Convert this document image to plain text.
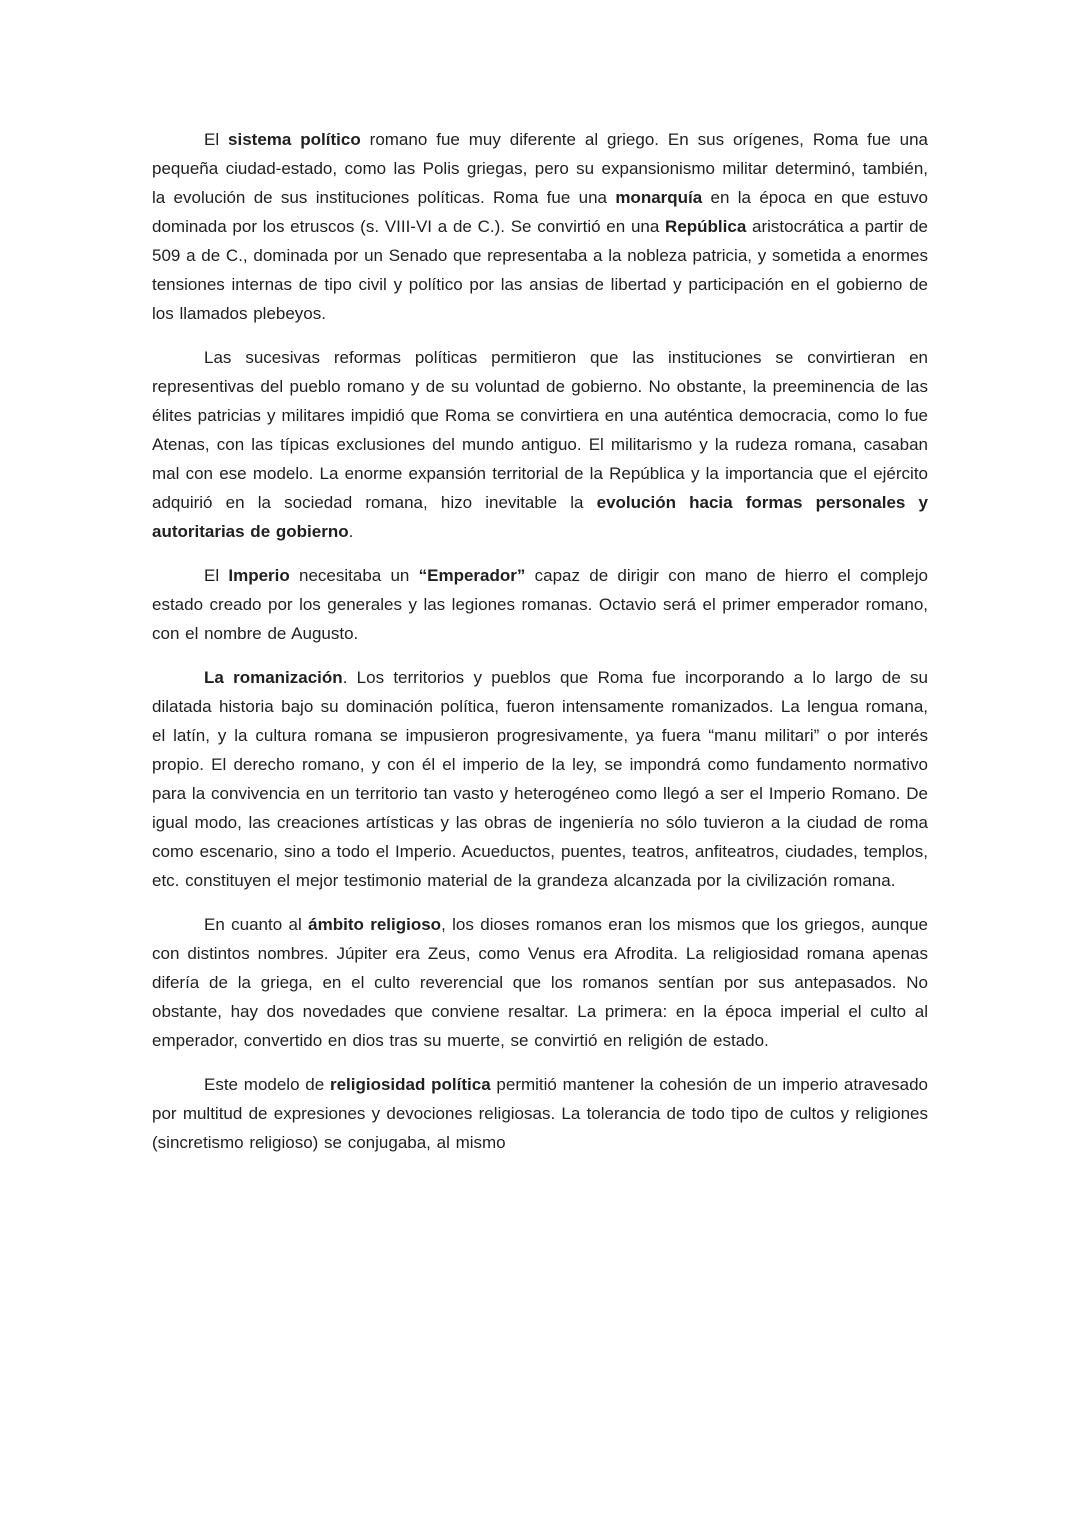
El sistema político romano fue muy diferente al griego. En sus orígenes, Roma fue una pequeña ciudad-estado, como las Polis griegas, pero su expansionismo militar determinó, también, la evolución de sus instituciones políticas. Roma fue una monarquía en la época en que estuvo dominada por los etruscos (s. VIII-VI a de C.). Se convirtió en una República aristocrática a partir de 509 a de C., dominada por un Senado que representaba a la nobleza patricia, y sometida a enormes tensiones internas de tipo civil y político por las ansias de libertad y participación en el gobierno de los llamados plebeyos.

Las sucesivas reformas políticas permitieron que las instituciones se convirtieran en representivas del pueblo romano y de su voluntad de gobierno. No obstante, la preeminencia de las élites patricias y militares impidió que Roma se convirtiera en una auténtica democracia, como lo fue Atenas, con las típicas exclusiones del mundo antiguo. El militarismo y la rudeza romana, casaban mal con ese modelo. La enorme expansión territorial de la República y la importancia que el ejército adquirió en la sociedad romana, hizo inevitable la evolución hacia formas personales y autoritarias de gobierno.

El Imperio necesitaba un “Emperador” capaz de dirigir con mano de hierro el complejo estado creado por los generales y las legiones romanas. Octavio será el primer emperador romano, con el nombre de Augusto.

La romanización. Los territorios y pueblos que Roma fue incorporando a lo largo de su dilatada historia bajo su dominación política, fueron intensamente romanizados. La lengua romana, el latín, y la cultura romana se impusieron progresivamente, ya fuera “manu militari” o por interés propio. El derecho romano, y con él el imperio de la ley, se impondrá como fundamento normativo para la convivencia en un territorio tan vasto y heterogéneo como llegó a ser el Imperio Romano. De igual modo, las creaciones artísticas y las obras de ingeniería no sólo tuvieron a la ciudad de roma como escenario, sino a todo el Imperio. Acueductos, puentes, teatros, anfiteatros, ciudades, templos, etc. constituyen el mejor testimonio material de la grandeza alcanzada por la civilización romana.

En cuanto al ámbito religioso, los dioses romanos eran los mismos que los griegos, aunque con distintos nombres. Júpiter era Zeus, como Venus era Afrodita. La religiosidad romana apenas difería de la griega, en el culto reverencial que los romanos sentían por sus antepasados. No obstante, hay dos novedades que conviene resaltar. La primera: en la época imperial el culto al emperador, convertido en dios tras su muerte, se convirtió en religión de estado.

Este modelo de religiosidad política permitió mantener la cohesión de un imperio atravesado por multitud de expresiones y devociones religiosas. La tolerancia de todo tipo de cultos y religiones (sincretismo religioso) se conjugaba, al mismo
